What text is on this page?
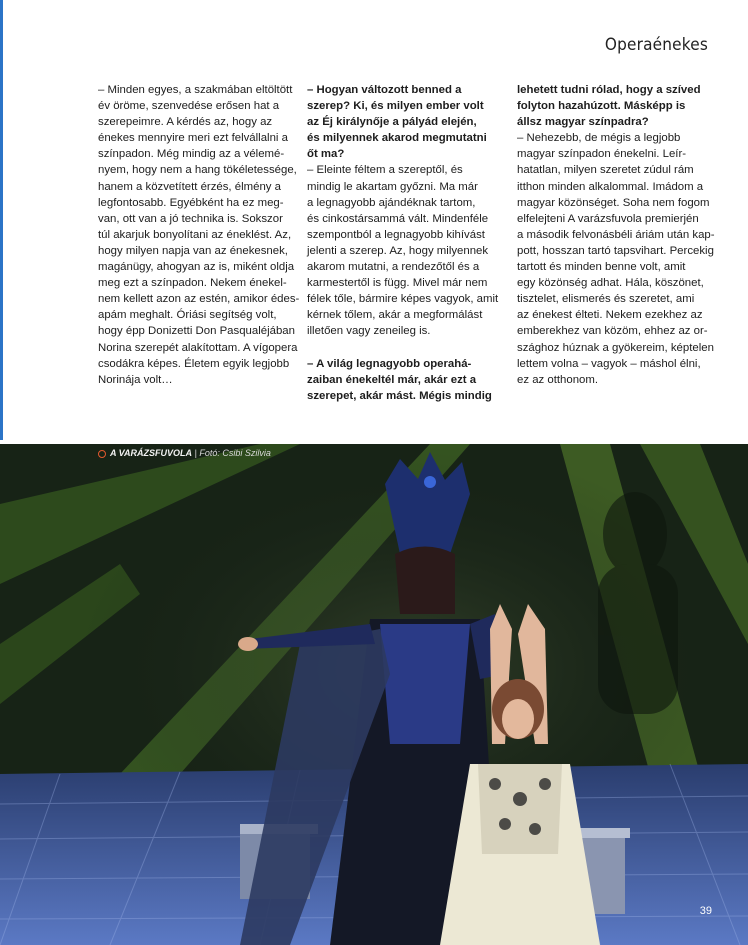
Operaénekes

– Minden egyes, a szakmában eltöltött

év öröme, szenvedése erősen hat a

szerepeimre. A kérdés az, hogy az

énekes mennyire meri ezt felvállalni a

színpadon. Még mindig az a vélemé-

nyem, hogy nem a hang tökéletessége,

hanem a közvetített érzés, élmény a

legfontosabb. Egyébként ha ez meg-

van, ott van a jó technika is. Sokszor

túl akarjuk bonyolítani az éneklést. Az,

hogy milyen napja van az énekesnek,

magánügy, ahogyan az is, miként oldja

meg ezt a színpadon. Nekem énekel-

nem kellett azon az estén, amikor édes-

apám meghalt. Óriási segítség volt,

hogy épp Donizetti Don Pasqualéjában

Norina szerepét alakítottam. A vígopera

csodákra képes. Életem egyik legjobb

Norinája volt…

– Hogyan változott benned a

szerep? Ki, és milyen ember volt

az Éj királynője a pályád elején,

és milyennek akarod megmutatni

őt ma?

– Eleinte féltem a szereptől, és

mindig le akartam győzni. Ma már

a legnagyobb ajándéknak tartom,

és cinkostársammá vált. Mindenféle

szempontból a legnagyobb kihívást

jelenti a szerep. Az, hogy milyennek

akarom mutatni, a rendezőtől és a

karmestertől is függ. Mivel már nem

félek tőle, bármire képes vagyok, amit

kérnek tőlem, akár a megformálást

illetően vagy zeneileg is.

– A világ legnagyobb operahá-

zaiban énekeltél már, akár ezt a

szerepet, akár mást. Mégis mindig

lehetett tudni rólad, hogy a szíved

folyton hazahúzott. Másképp is

állsz magyar színpadra?

– Nehezebb, de mégis a legjobb

magyar színpadon énekelni. Leír-

hatatlan, milyen szeretet zúdul rám

itthon minden alkalommal. Imádom a

magyar közönséget. Soha nem fogom

elfelejteni A varázsfuvola premierjén

a második felvonásbéli áriám után kap-

pott, hosszan tartó tapsvihart. Percekig

tartott és minden benne volt, amit

egy közönség adhat. Hála, köszönet,

tisztelet, elismerés és szeretet, ami

az énekest élteti. Nekem ezekhez az

emberekhez van közöm, ehhez az or-

szághoz húznak a gyökereim, képtelen

lettem volna – vagyok – máshol élni,

ez az otthonom.

A VARÁZSFUVOLA | Fotó: Csibi Szilvia
39
